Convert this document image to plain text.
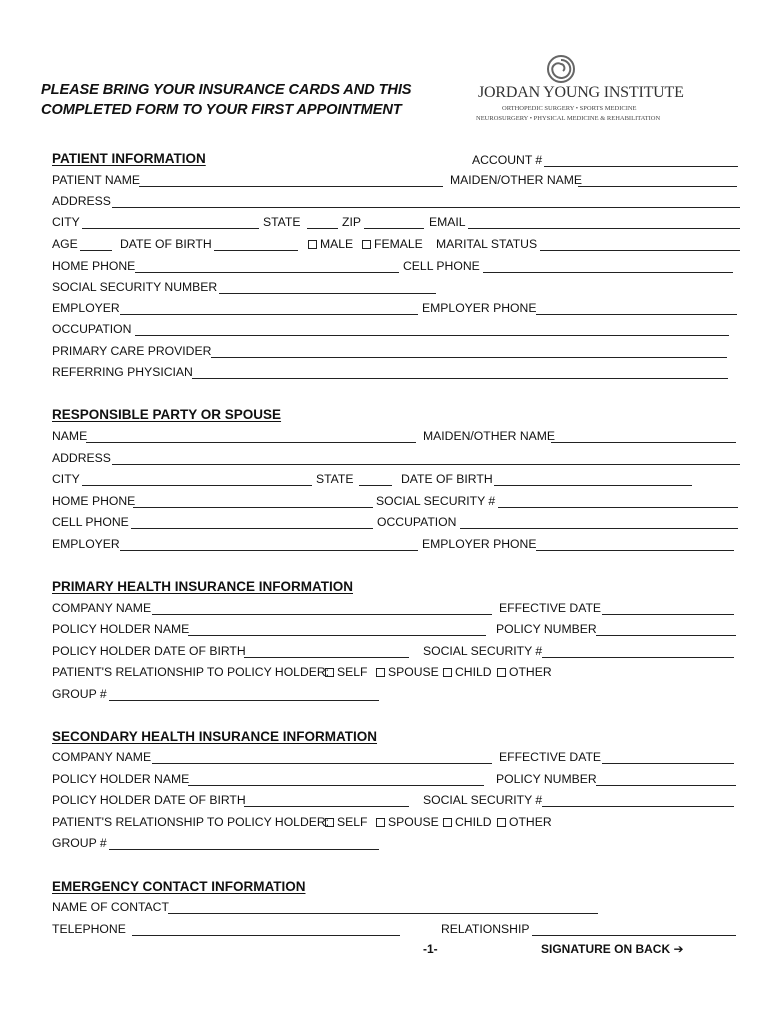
PLEASE BRING YOUR INSURANCE CARDS AND THIS
COMPLETED FORM TO YOUR FIRST APPOINTMENT
JORDAN YOUNG INSTITUTE
ORTHOPEDIC SURGERY • SPORTS MEDICINE
NEUROSURGERY • PHYSICAL MEDICINE & REHABILITATION
PATIENT INFORMATION	ACCOUNT #
PATIENT NAME	MAIDEN/OTHER NAME
ADDRESS
CITY	STATE	ZIP	EMAIL
AGE	DATE OF BIRTH	MALE	FEMALE MARITAL STATUS
HOME PHONE	CELL PHONE
SOCIAL SECURITY NUMBER
EMPLOYER	EMPLOYER PHONE
OCCUPATION
PRIMARY CARE PROVIDER
REFERRING PHYSICIAN
RESPONSIBLE PARTY OR SPOUSE
NAME	MAIDEN/OTHER NAME
ADDRESS
CITY	STATE	DATE OF BIRTH
HOME PHONE	SOCIAL SECURITY #
CELL PHONE	OCCUPATION
EMPLOYER	EMPLOYER PHONE
PRIMARY HEALTH INSURANCE INFORMATION
COMPANY NAME	EFFECTIVE DATE
POLICY HOLDER NAME	POLICY NUMBER
POLICY HOLDER DATE OF BIRTH	SOCIAL SECURITY #
PATIENT'S RELATIONSHIP TO POLICY HOLDER: SELF	SPOUSE	CHILD	OTHER
GROUP #
SECONDARY HEALTH INSURANCE INFORMATION
COMPANY NAME	EFFECTIVE DATE
POLICY HOLDER NAME	POLICY NUMBER
POLICY HOLDER DATE OF BIRTH	SOCIAL SECURITY #
PATIENT'S RELATIONSHIP TO POLICY HOLDER: SELF	SPOUSE	CHILD	OTHER
GROUP #
EMERGENCY CONTACT INFORMATION
NAME OF CONTACT
TELEPHONE	RELATIONSHIP
-1-	SIGNATURE ON BACK ➔
